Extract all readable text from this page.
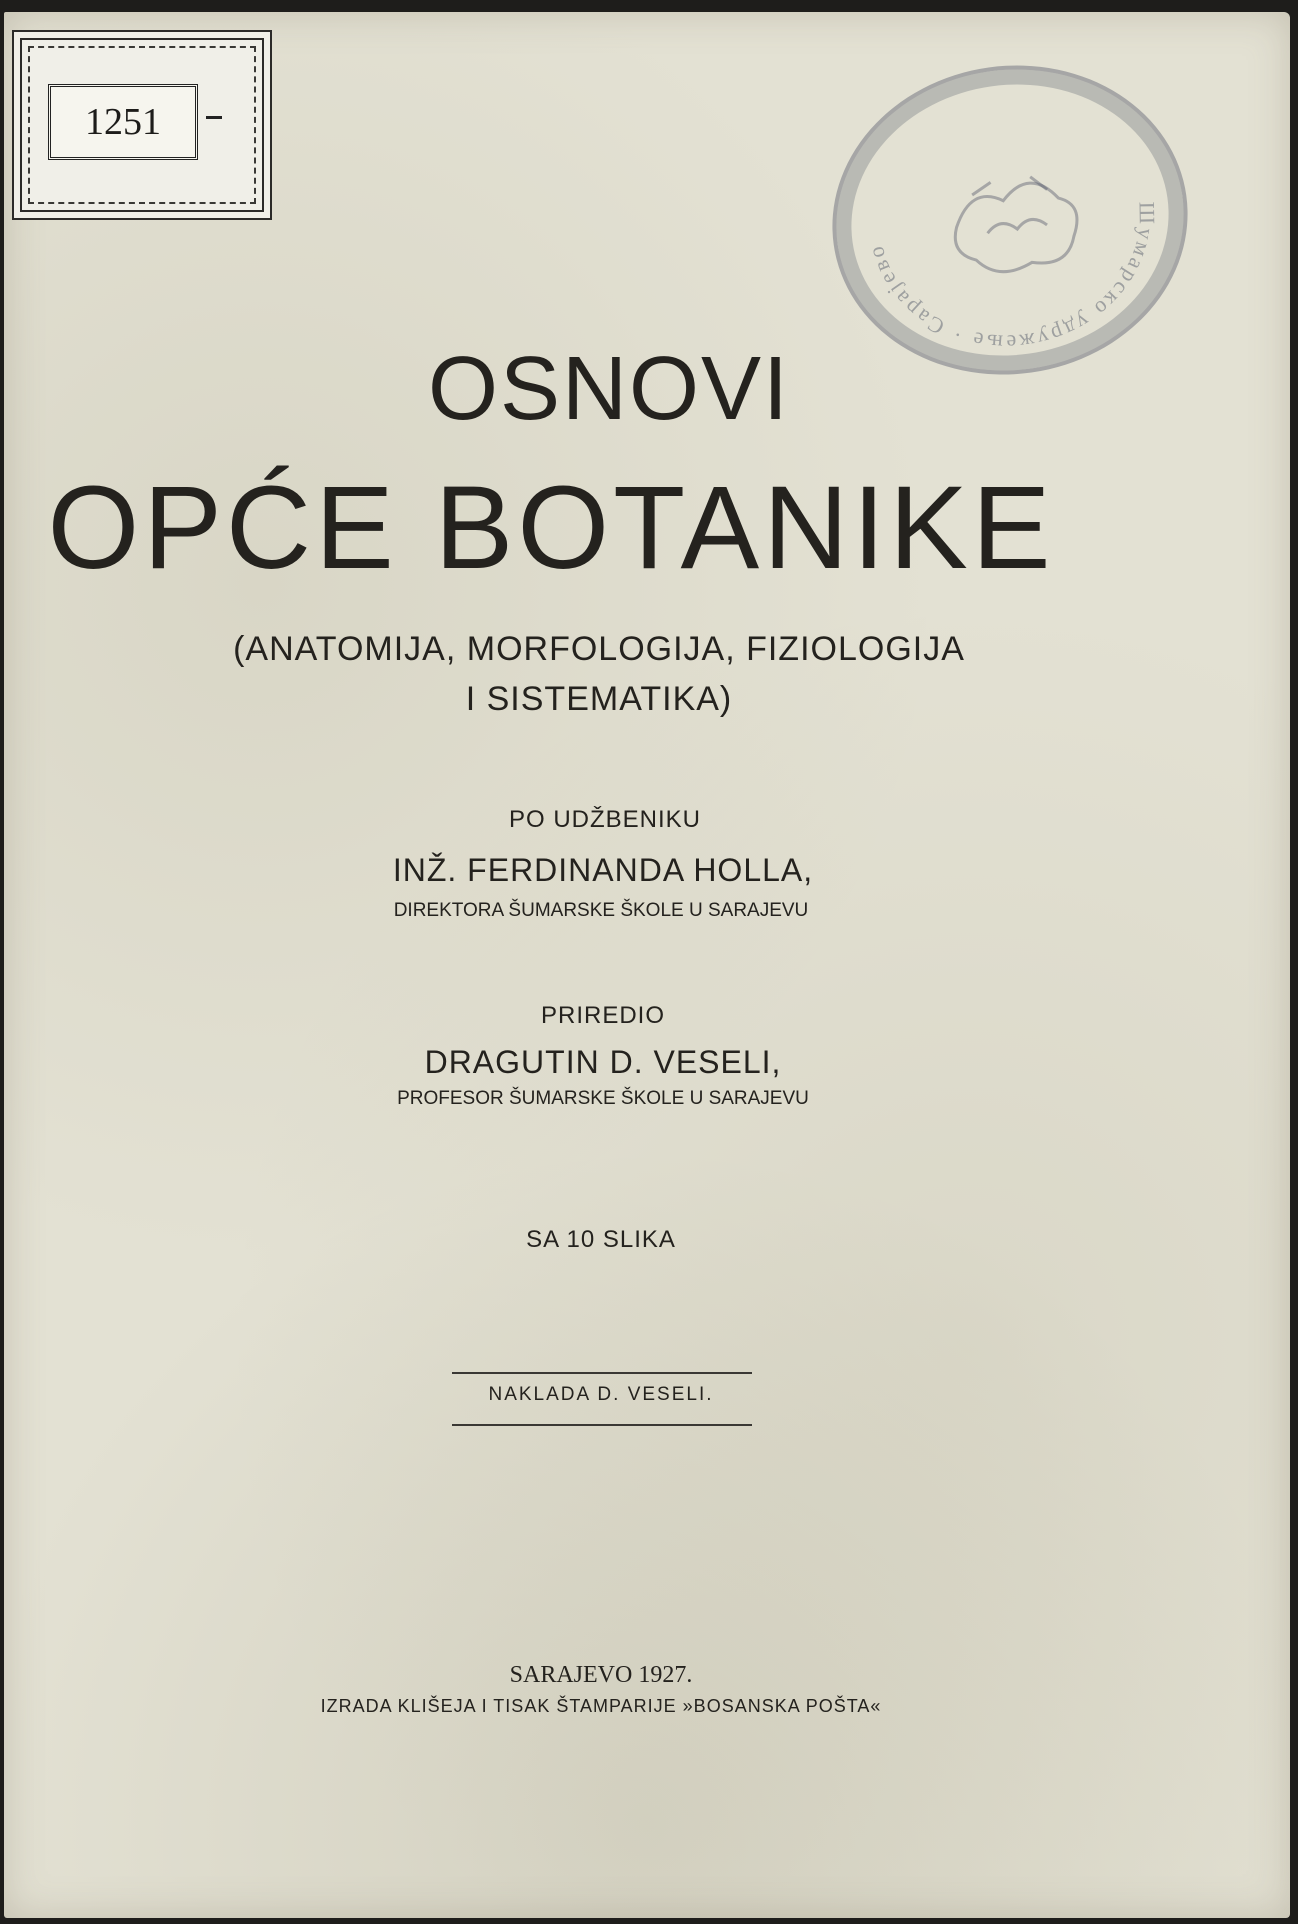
1251
Шумарско удружење · Сарајево
OSNOVI
OPĆE BOTANIKE
(ANATOMIJA, MORFOLOGIJA, FIZIOLOGIJA
I SISTEMATIKA)
PO UDŽBENIKU
INŽ. FERDINANDA HOLLA,
DIREKTORA ŠUMARSKE ŠKOLE U SARAJEVU
PRIREDIO
DRAGUTIN D. VESELI,
PROFESOR ŠUMARSKE ŠKOLE U SARAJEVU
SA 10 SLIKA
NAKLADA D. VESELI.
SARAJEVO 1927.
IZRADA KLIŠEJA I TISAK ŠTAMPARIJE »BOSANSKA POŠTA«
